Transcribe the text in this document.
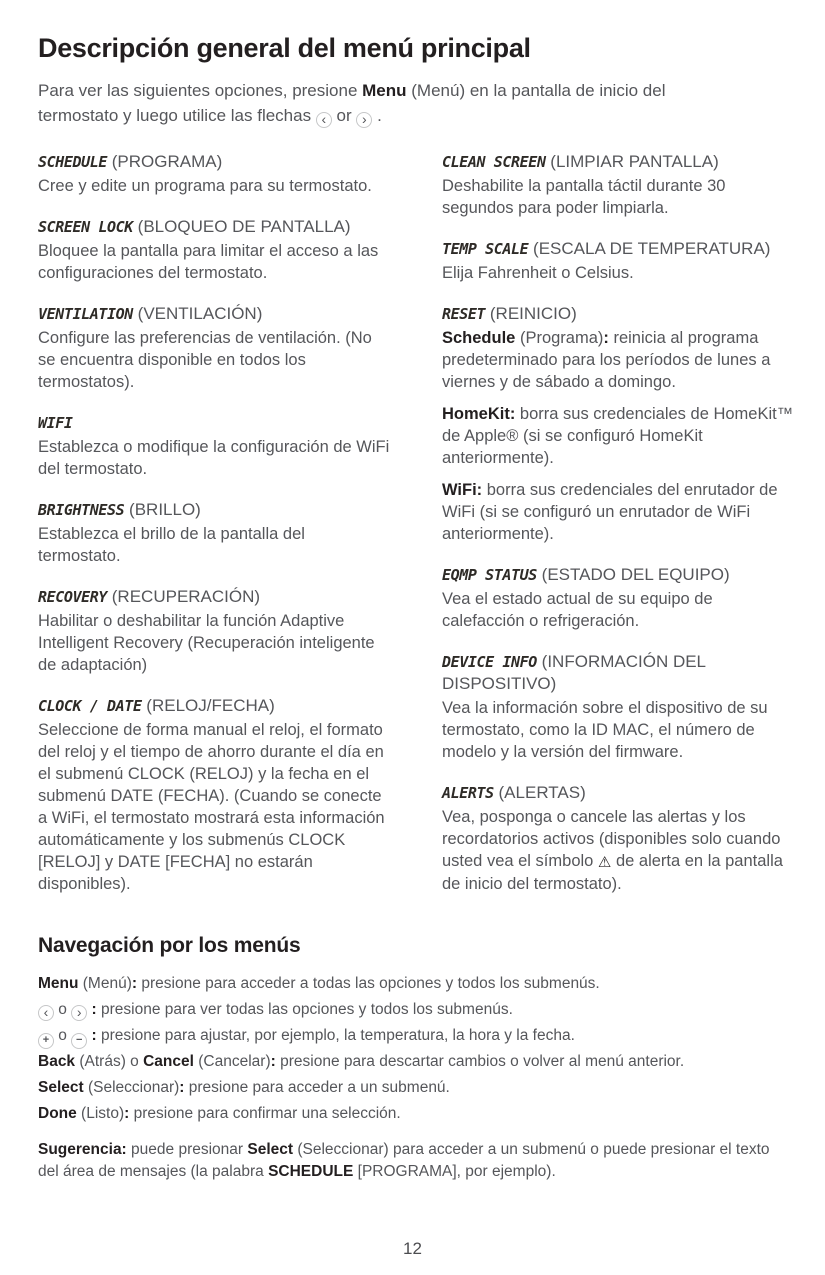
Descripción general del menú principal

Para ver las siguientes opciones, presione Menu (Menú) en la pantalla de inicio del termostato y luego utilice las flechas ‹ or › .

SCHEDULE (PROGRAMA)

Cree y edite un programa para su termostato.

SCREEN LOCK (BLOQUEO DE PANTALLA)

Bloquee la pantalla para limitar el acceso a las configuraciones del termostato.

VENTILATION (VENTILACIÓN)

Configure las preferencias de ventilación. (No se encuentra disponible en todos los termostatos).

WIFI

Establezca o modifique la configuración de WiFi del termostato.

BRIGHTNESS (BRILLO)

Establezca el brillo de la pantalla del termostato.

RECOVERY (RECUPERACIÓN)

Habilitar o deshabilitar la función Adaptive Intelligent Recovery (Recuperación inteligente de adaptación)

CLOCK / DATE (RELOJ/FECHA)

Seleccione de forma manual el reloj, el formato del reloj y el tiempo de ahorro durante el día en el submenú CLOCK (RELOJ) y la fecha en el submenú DATE (FECHA). (Cuando se conecte a WiFi, el termostato mostrará esta información automáticamente y los submenús CLOCK [RELOJ] y DATE [FECHA] no estarán disponibles).

CLEAN SCREEN (LIMPIAR PANTALLA)

Deshabilite la pantalla táctil durante 30 segundos para poder limpiarla.

TEMP SCALE (ESCALA DE TEMPERATURA)

Elija Fahrenheit o Celsius.

RESET (REINICIO)

Schedule (Programa): reinicia al programa predeterminado para los períodos de lunes a viernes y de sábado a domingo.

HomeKit: borra sus credenciales de HomeKit™ de Apple® (si se configuró HomeKit anteriormente).

WiFi: borra sus credenciales del enrutador de WiFi (si se configuró un enrutador de WiFi anteriormente).

EQMP STATUS (ESTADO DEL EQUIPO)

Vea el estado actual de su equipo de calefacción o refrigeración.

DEVICE INFO (INFORMACIÓN DEL DISPOSITIVO)

Vea la información sobre el dispositivo de su termostato, como la ID MAC, el número de modelo y la versión del firmware.

ALERTS (ALERTAS)

Vea, posponga o cancele las alertas y los recordatorios activos (disponibles solo cuando usted vea el símbolo ⚠ de alerta en la pantalla de inicio del termostato).

Navegación por los menús
Menu (Menú): presione para acceder a todas las opciones y todos los submenús.
‹ o › : presione para ver todas las opciones y todos los submenús.
+ o − : presione para ajustar, por ejemplo, la temperatura, la hora y la fecha.
Back (Atrás) o Cancel (Cancelar): presione para descartar cambios o volver al menú anterior.
Select (Seleccionar): presione para acceder a un submenú.
Done (Listo): presione para confirmar una selección.

Sugerencia: puede presionar Select (Seleccionar) para acceder a un submenú o puede presionar el texto del área de mensajes (la palabra SCHEDULE [PROGRAMA], por ejemplo).

12
